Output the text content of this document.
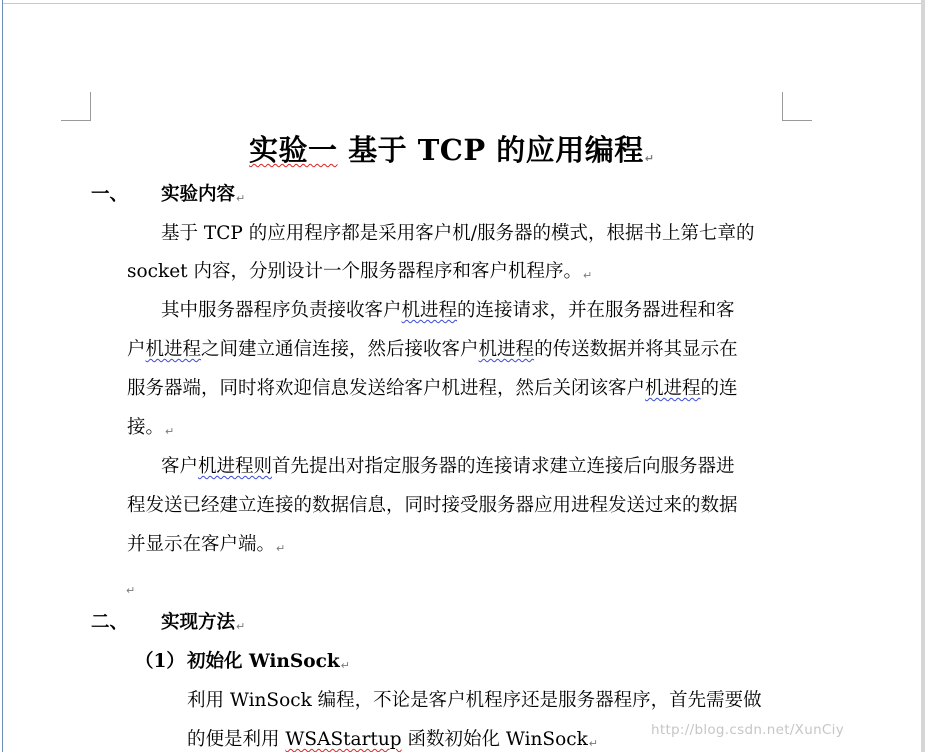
实验一 基于 TCP 的应用编程↵
一、 实验内容↵
基于 TCP 的应用程序都是采用客户机/服务器的模式，根据书上第七章的
socket 内容，分别设计一个服务器程序和客户机程序。↵
其中服务器程序负责接收客户机进程的连接请求，并在服务器进程和客
户机进程之间建立通信连接，然后接收客户机进程的传送数据并将其显示在
服务器端，同时将欢迎信息发送给客户机进程，然后关闭该客户机进程的连
接。↵
客户机进程则首先提出对指定服务器的连接请求建立连接后向服务器进
程发送已经建立连接的数据信息，同时接受服务器应用进程发送过来的数据
并显示在客户端。↵
↵
二、 实现方法↵
（1） 初始化 WinSock↵
利用 WinSock 编程，不论是客户机程序还是服务器程序，首先需要做
的便是利用 WSAStartup 函数初始化 WinSock↵
http://blog.csdn.net/XunCiy
